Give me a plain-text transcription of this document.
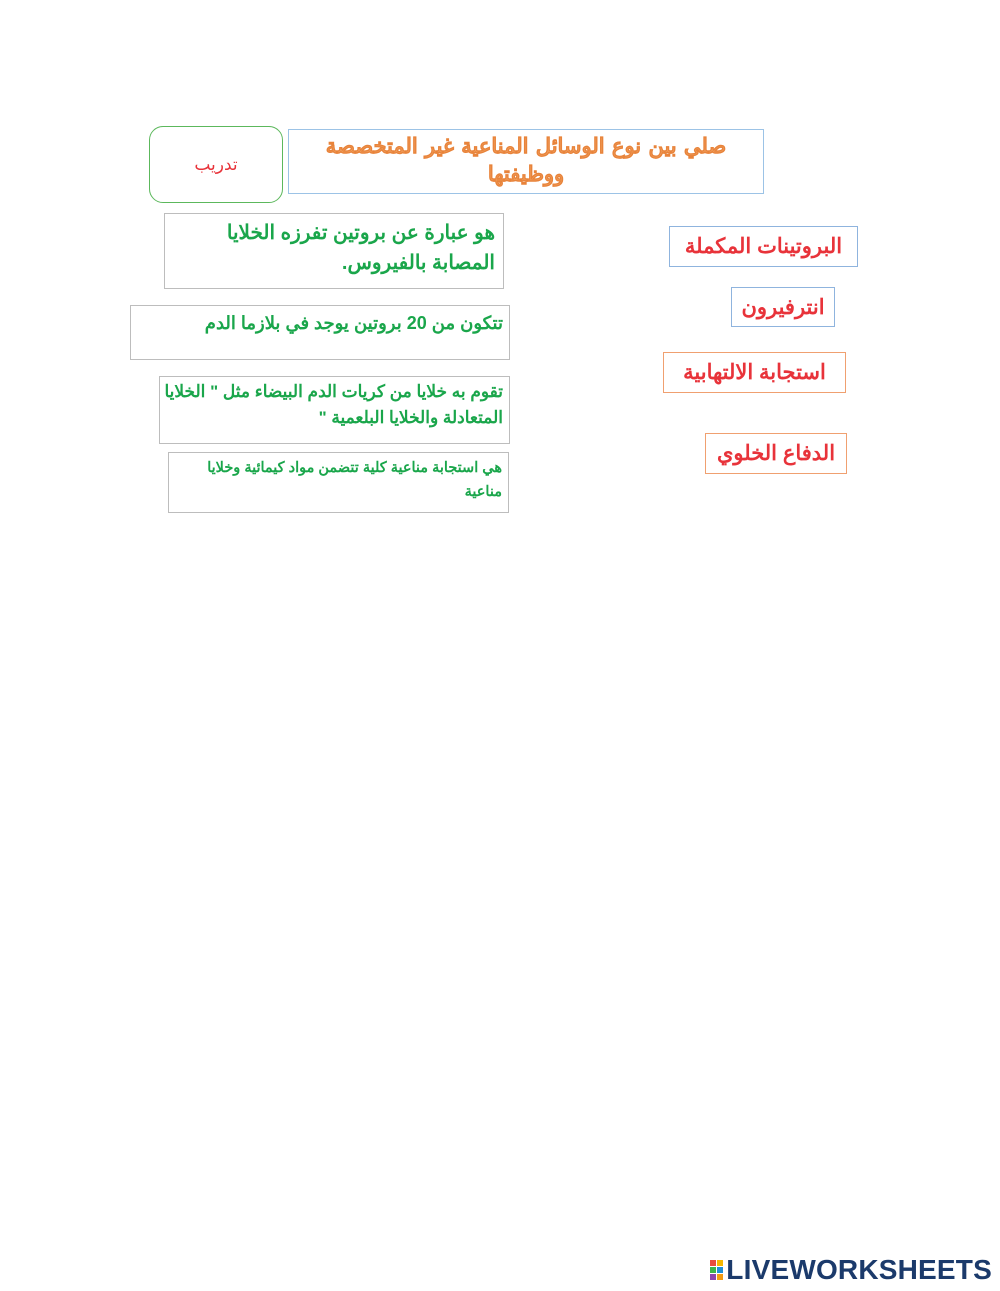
تدريب
صلي بين نوع الوسائل المناعية غير المتخصصة ووظيفتها
هو عبارة عن بروتين تفرزه الخلايا المصابة بالفيروس.
تتكون من 20 بروتين يوجد في بلازما الدم
تقوم به خلايا من كريات الدم البيضاء مثل " الخلايا المتعادلة والخلايا البلعمية "
هي استجابة مناعية كلية تتضمن مواد كيمائية وخلايا مناعية
البروتينات المكملة
انترفيرون
استجابة الالتهابية
الدفاع الخلوي
LIVEWORKSHEETS
